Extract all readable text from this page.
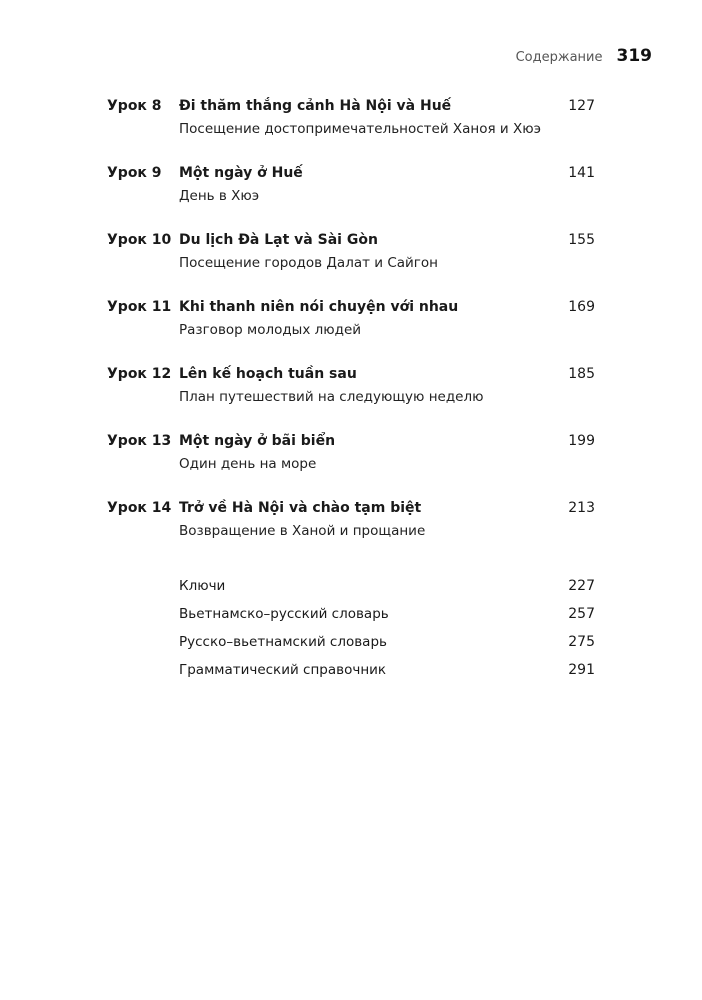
Содержание 319
Урок 8	Đi thăm thắng cảnh Hà Nội và Huế
Посещение достопримечательностей Ханоя и Хюэ
127
Урок 9	Một ngày ở Huế
День в Хюэ
141
Урок 10 Du lịch Đà Lạt và Sài Gòn
Посещение городов Далат и Сайгон
155
Урок 11 Khi thanh niên nói chuyện với nhau
Разговор молодых людей
169
Урок 12 Lên kế hoạch tuần sau
План путешествий на следующую неделю
185
Урок 13 Một ngày ở bãi biển
Один день на море
199
Урок 14 Trở về Hà Nội và chào tạm biệt
Возвращение в Ханой и прощание
213
Ключи	227
Вьетнамско–русский словарь	257
Русско–вьетнамский словарь	275
Грамматический справочник	291
